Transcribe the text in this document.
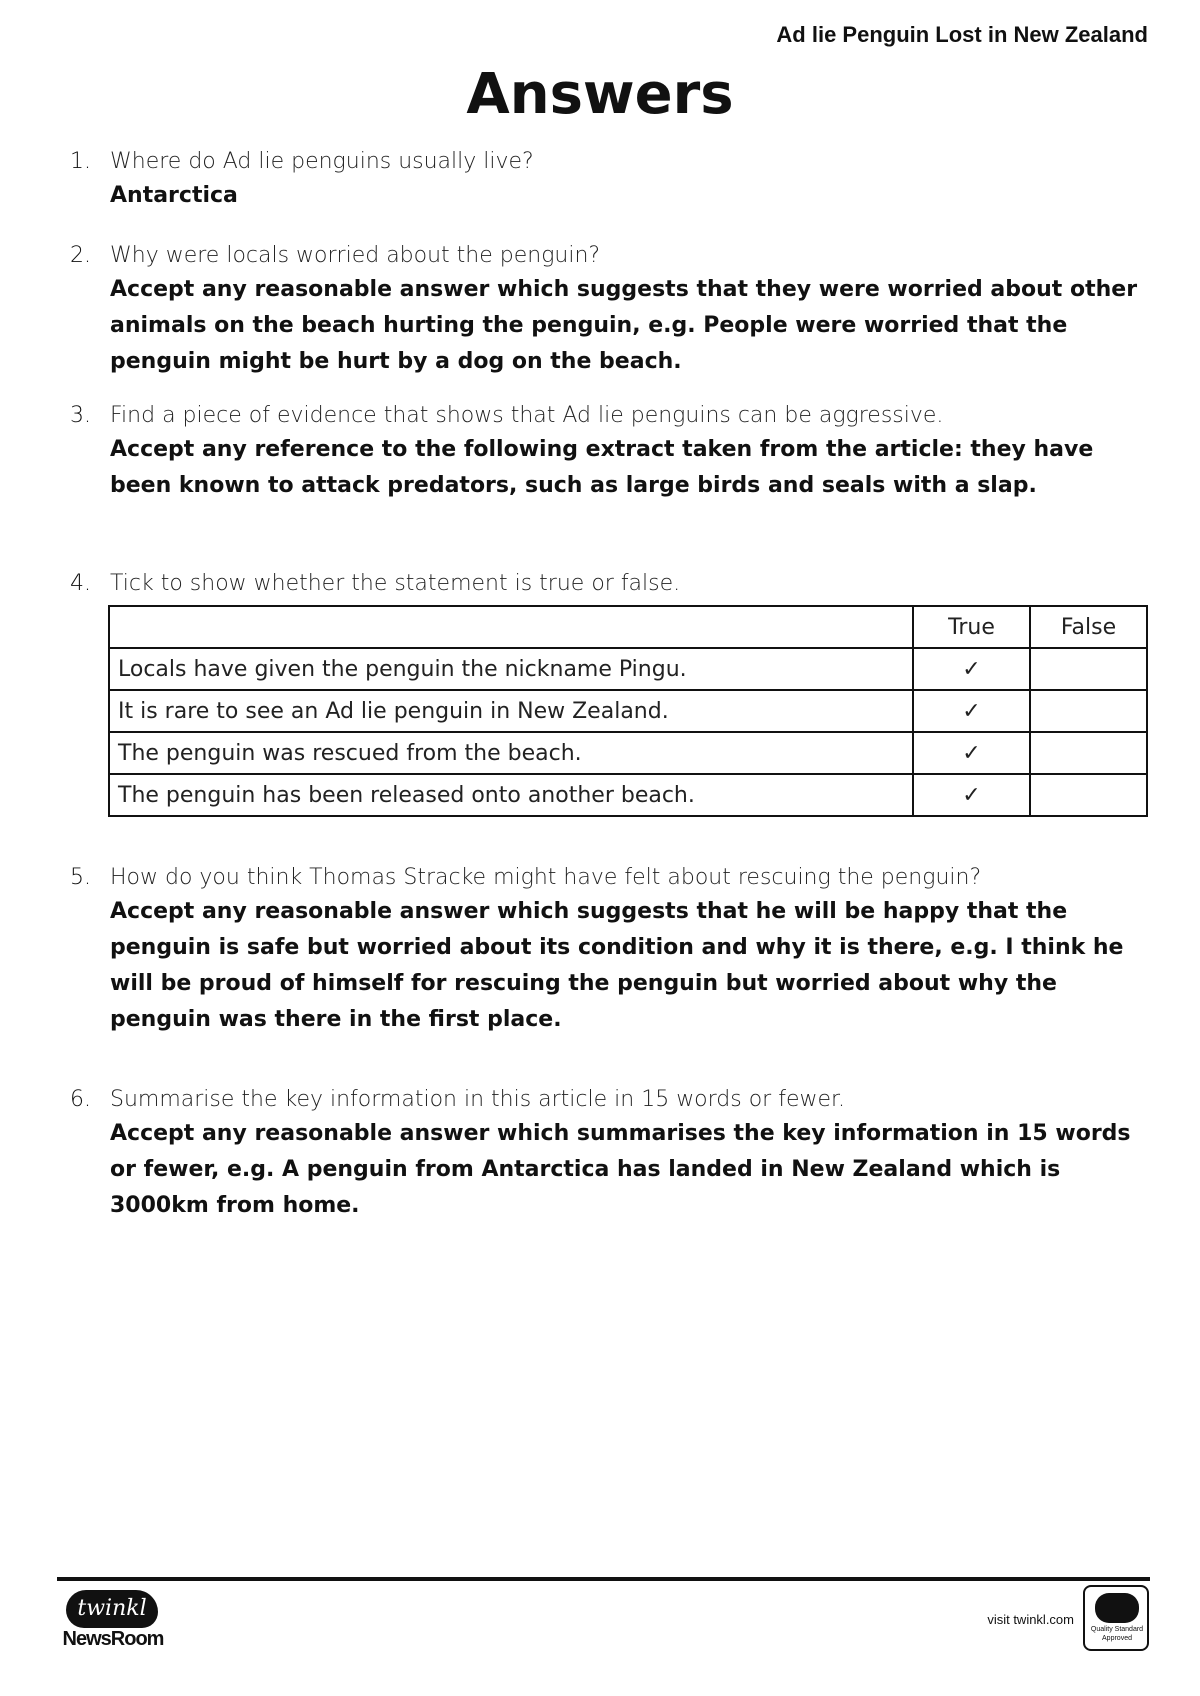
Ad lie Penguin Lost in New Zealand
Answers
1. Where do Ad lie penguins usually live?
Antarctica
2. Why were locals worried about the penguin?
Accept any reasonable answer which suggests that they were worried about other animals on the beach hurting the penguin, e.g. People were worried that the penguin might be hurt by a dog on the beach.
3. Find a piece of evidence that shows that Ad lie penguins can be aggressive.
Accept any reference to the following extract taken from the article: they have been known to attack predators, such as large birds and seals with a slap.
4. Tick to show whether the statement is true or false.
	True	False
Locals have given the penguin the nickname Pingu.	✓	
It is rare to see an Ad lie penguin in New Zealand.	✓	
The penguin was rescued from the beach.	✓	
The penguin has been released onto another beach.	✓	
5. How do you think Thomas Stracke might have felt about rescuing the penguin?
Accept any reasonable answer which suggests that he will be happy that the penguin is safe but worried about its condition and why it is there, e.g. I think he will be proud of himself for rescuing the penguin but worried about why the penguin was there in the first place.
6. Summarise the key information in this article in 15 words or fewer.
Accept any reasonable answer which summarises the key information in 15 words or fewer, e.g. A penguin from Antarctica has landed in New Zealand which is 3000km from home.
twinkl
NewsRoom
visit twinkl.com
Quality Standard Approved
